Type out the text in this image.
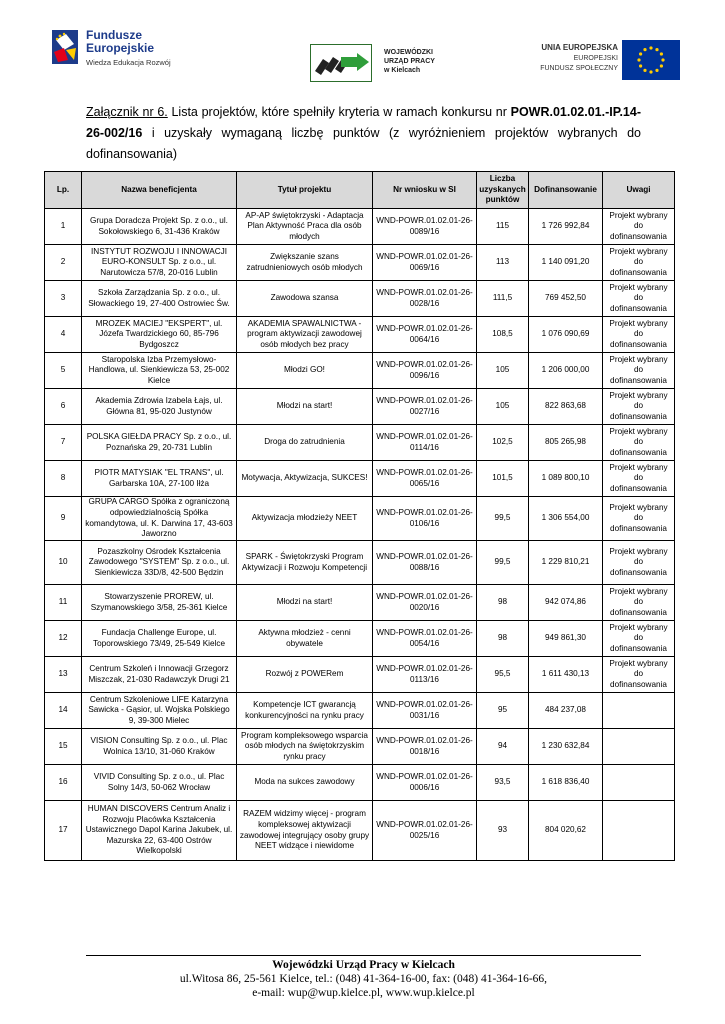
Fundusze
Europejskie
Wiedza Edukacja Rozwój
WOJEWÓDZKI
URZĄD PRACY
w Kielcach
UNIA EUROPEJSKA
EUROPEJSKI
FUNDUSZ SPOŁECZNY
Załącznik nr 6. Lista projektów, które spełniły kryteria w ramach konkursu nr POWR.01.02.01.-IP.14-26-002/16 i uzyskały wymaganą liczbę punktów (z wyróżnieniem projektów wybranych do dofinansowania)
Lp.	Nazwa beneficjenta	Tytuł projektu	Nr wniosku w SI	Liczba uzyskanych punktów	Dofinansowanie	Uwagi
1	Grupa Doradcza Projekt Sp. z o.o., ul. Sokołowskiego 6, 31-436 Kraków	AP-AP świętokrzyski - Adaptacja Plan Aktywność Praca dla osób młodych	WND-POWR.01.02.01-26-0089/16	115	1 726 992,84	Projekt wybrany do dofinansowania
2	INSTYTUT ROZWOJU I INNOWACJI EURO-KONSULT Sp. z o.o., ul. Narutowicza 57/8, 20-016 Lublin	Zwiększanie szans zatrudnieniowych osób młodych	WND-POWR.01.02.01-26-0069/16	113	1 140 091,20	Projekt wybrany do dofinansowania
3	Szkoła Zarządzania Sp. z o.o., ul. Słowackiego 19, 27-400 Ostrowiec Św.	Zawodowa szansa	WND-POWR.01.02.01-26-0028/16	111,5	769 452,50	Projekt wybrany do dofinansowania
4	MROZEK MACIEJ "EKSPERT", ul. Józefa Twardzickiego 60, 85-796 Bydgoszcz	AKADEMIA SPAWALNICTWA - program aktywizacji zawodowej osób młodych bez pracy	WND-POWR.01.02.01-26-0064/16	108,5	1 076 090,69	Projekt wybrany do dofinansowania
5	Staropolska Izba Przemysłowo-Handlowa, ul. Sienkiewicza 53, 25-002 Kielce	Młodzi GO!	WND-POWR.01.02.01-26-0096/16	105	1 206 000,00	Projekt wybrany do dofinansowania
6	Akademia Zdrowia Izabela Łajs, ul. Główna 81, 95-020 Justynów	Młodzi na start!	WND-POWR.01.02.01-26-0027/16	105	822 863,68	Projekt wybrany do dofinansowania
7	POLSKA GIEŁDA PRACY Sp. z o.o., ul. Poznańska 29, 20-731 Lublin	Droga do zatrudnienia	WND-POWR.01.02.01-26-0114/16	102,5	805 265,98	Projekt wybrany do dofinansowania
8	PIOTR MATYSIAK "EL TRANS", ul. Garbarska 10A, 27-100 Iłża	Motywacja, Aktywizacja, SUKCES!	WND-POWR.01.02.01-26-0065/16	101,5	1 089 800,10	Projekt wybrany do dofinansowania
9	GRUPA CARGO Spółka z ograniczoną odpowiedzialnością Spółka komandytowa, ul. K. Darwina 17, 43-603 Jaworzno	Aktywizacja młodzieży NEET	WND-POWR.01.02.01-26-0106/16	99,5	1 306 554,00	Projekt wybrany do dofinansowania
10	Pozaszkolny Ośrodek Kształcenia Zawodowego "SYSTEM" Sp. z o.o., ul. Sienkiewicza 33D/8, 42-500 Będzin	SPARK - Świętokrzyski Program Aktywizacji i Rozwoju Kompetencji	WND-POWR.01.02.01-26-0088/16	99,5	1 229 810,21	Projekt wybrany do dofinansowania
11	Stowarzyszenie PROREW, ul. Szymanowskiego 3/58, 25-361 Kielce	Młodzi na start!	WND-POWR.01.02.01-26-0020/16	98	942 074,86	Projekt wybrany do dofinansowania
12	Fundacja Challenge Europe, ul. Toporowskiego 73/49, 25-549 Kielce	Aktywna młodzież - cenni obywatele	WND-POWR.01.02.01-26-0054/16	98	949 861,30	Projekt wybrany do dofinansowania
13	Centrum Szkoleń i Innowacji Grzegorz Miszczak, 21-030 Radawczyk Drugi 21	Rozwój z POWERem	WND-POWR.01.02.01-26-0113/16	95,5	1 611 430,13	Projekt wybrany do dofinansowania
14	Centrum Szkoleniowe LIFE Katarzyna Sawicka - Gąsior, ul. Wojska Polskiego 9, 39-300 Mielec	Kompetencje ICT gwarancją konkurencyjności na rynku pracy	WND-POWR.01.02.01-26-0031/16	95	484 237,08	
15	VISION Consulting Sp. z o.o., ul. Plac Wolnica 13/10, 31-060 Kraków	Program kompleksowego wsparcia osób młodych na świętokrzyskim rynku pracy	WND-POWR.01.02.01-26-0018/16	94	1 230 632,84	
16	VIVID Consulting Sp. z o.o., ul. Plac Solny 14/3, 50-062 Wrocław	Moda na sukces zawodowy	WND-POWR.01.02.01-26-0006/16	93,5	1 618 836,40	
17	HUMAN DISCOVERS Centrum Analiz i Rozwoju Placówka Kształcenia Ustawicznego Dapol Karina Jakubek, ul. Mazurska 22, 63-400 Ostrów Wielkopolski	RAZEM widzimy więcej - program kompleksowej aktywizacji zawodowej integrujący osoby grupy NEET widzące i niewidome	WND-POWR.01.02.01-26-0025/16	93	804 020,62	
Wojewódzki Urząd Pracy w Kielcach
ul.Witosa 86, 25-561 Kielce, tel.: (048) 41-364-16-00, fax: (048) 41-364-16-66,
e-mail: wup@wup.kielce.pl, www.wup.kielce.pl
